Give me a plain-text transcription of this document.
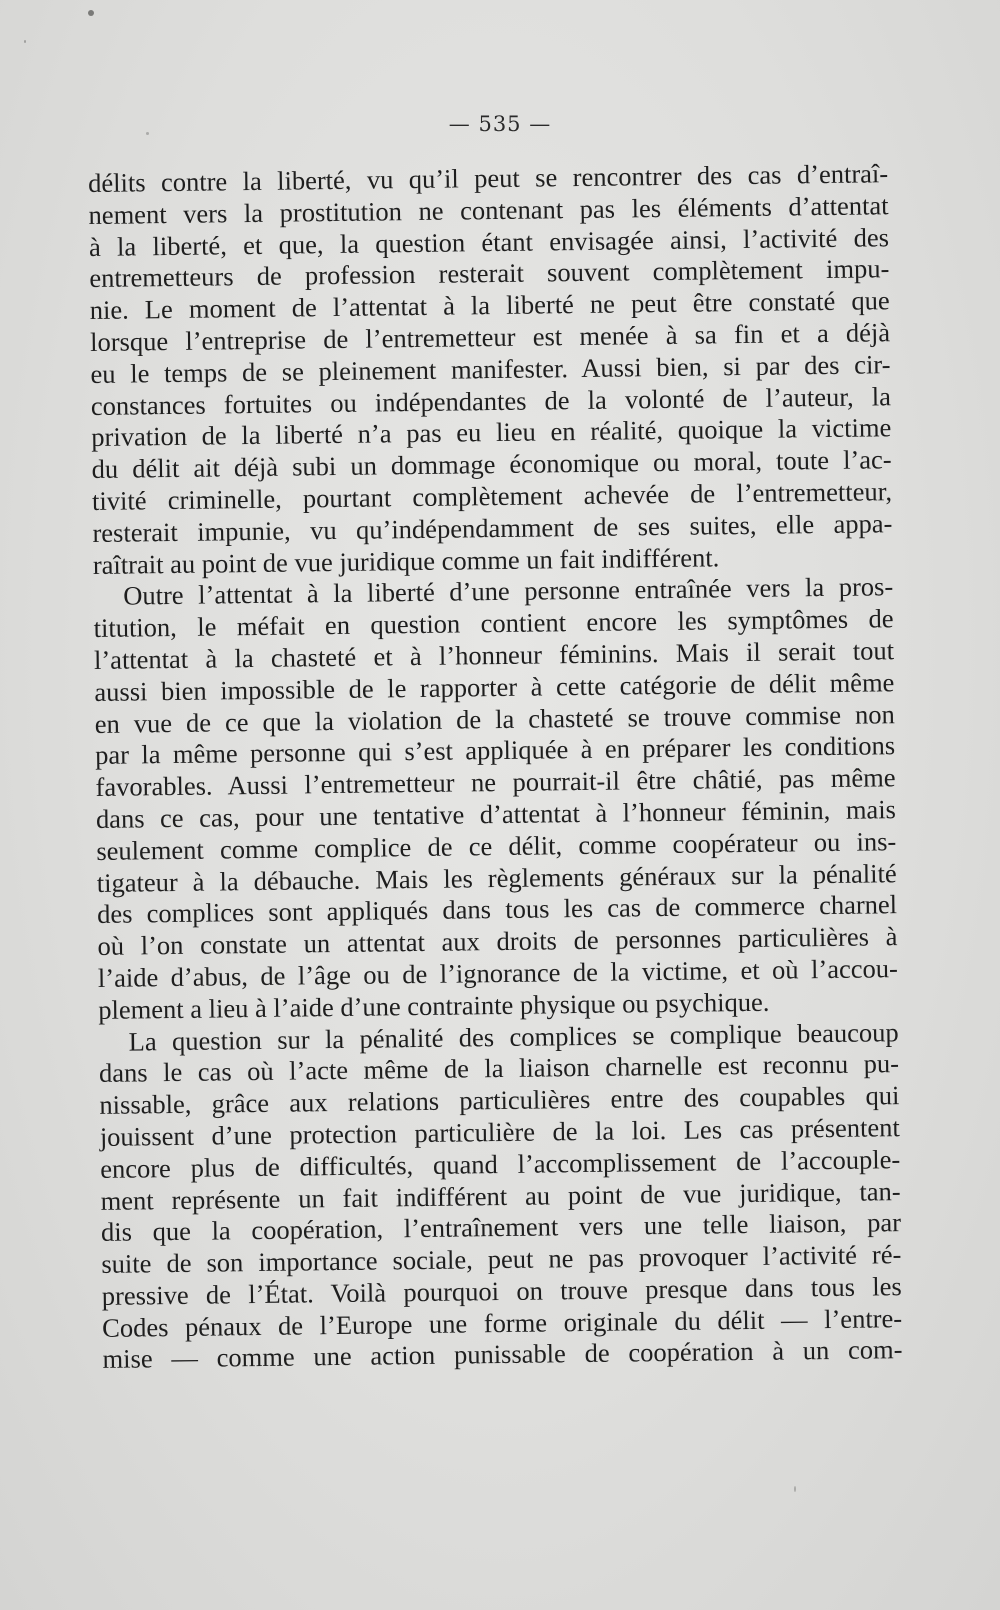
— 535 —
délits contre la liberté, vu qu’il peut se rencontrer des cas d’entraî-
nement vers la prostitution ne contenant pas les éléments d’attentat
à la liberté, et que, la question étant envisagée ainsi, l’activité des
entremetteurs de profession resterait souvent complètement impu-
nie. Le moment de l’attentat à la liberté ne peut être constaté que
lorsque l’entreprise de l’entremetteur est menée à sa fin et a déjà
eu le temps de se pleinement manifester. Aussi bien, si par des cir-
constances fortuites ou indépendantes de la volonté de l’auteur, la
privation de la liberté n’a pas eu lieu en réalité, quoique la victime
du délit ait déjà subi un dommage économique ou moral, toute l’ac-
tivité criminelle, pourtant complètement achevée de l’entremetteur,
resterait impunie, vu qu’indépendamment de ses suites, elle appa-
raîtrait au point de vue juridique comme un fait indifférent.
Outre l’attentat à la liberté d’une personne entraînée vers la pros-
titution, le méfait en question contient encore les symptômes de
l’attentat à la chasteté et à l’honneur féminins. Mais il serait tout
aussi bien impossible de le rapporter à cette catégorie de délit même
en vue de ce que la violation de la chasteté se trouve commise non
par la même personne qui s’est appliquée à en préparer les conditions
favorables. Aussi l’entremetteur ne pourrait-il être châtié, pas même
dans ce cas, pour une tentative d’attentat à l’honneur féminin, mais
seulement comme complice de ce délit, comme coopérateur ou ins-
tigateur à la débauche. Mais les règlements généraux sur la pénalité
des complices sont appliqués dans tous les cas de commerce charnel
où l’on constate un attentat aux droits de personnes particulières à
l’aide d’abus, de l’âge ou de l’ignorance de la victime, et où l’accou-
plement a lieu à l’aide d’une contrainte physique ou psychique.
La question sur la pénalité des complices se complique beaucoup
dans le cas où l’acte même de la liaison charnelle est reconnu pu-
nissable, grâce aux relations particulières entre des coupables qui
jouissent d’une protection particulière de la loi. Les cas présentent
encore plus de difficultés, quand l’accomplissement de l’accouple-
ment représente un fait indifférent au point de vue juridique, tan-
dis que la coopération, l’entraînement vers une telle liaison, par
suite de son importance sociale, peut ne pas provoquer l’activité ré-
pressive de l’État. Voilà pourquoi on trouve presque dans tous les
Codes pénaux de l’Europe une forme originale du délit — l’entre-
mise — comme une action punissable de coopération à un com-
